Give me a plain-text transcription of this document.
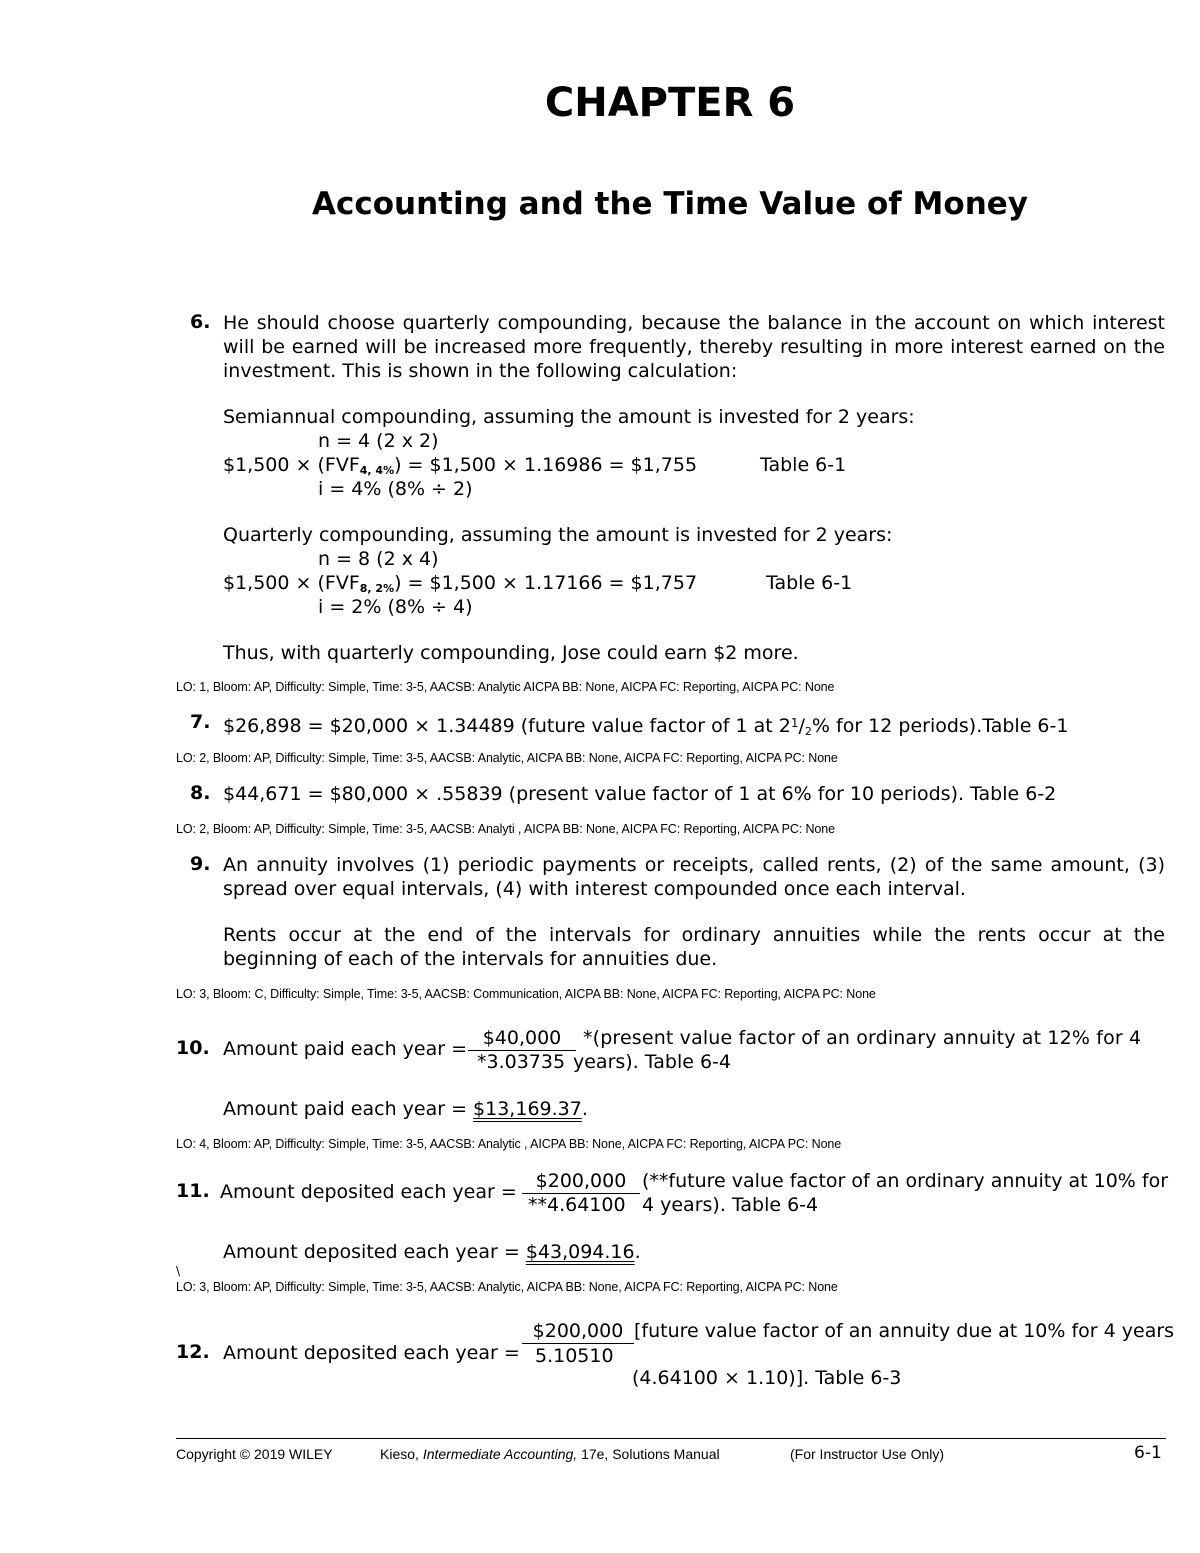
CHAPTER 6
Accounting and the Time Value of Money
6. He should choose quarterly compounding, because the balance in the account on which interest will be earned will be increased more frequently, thereby resulting in more interest earned on the investment. This is shown in the following calculation:
Semiannual compounding, assuming the amount is invested for 2 years:
n = 4 (2 x 2)
$1,500 × $(FVF_{4, 4\%})$ = $1,500 × 1.16986 = $1,755	Table 6-1
i = 4% (8% ÷ 2)
Quarterly compounding, assuming the amount is invested for 2 years:
n = 8 (2 x 4)
$1,500 × $(FVF_{8, 2\%})$ = $1,500 × 1.17166 = $1,757	Table 6-1
i = 2% (8% ÷ 4)
Thus, with quarterly compounding, Jose could earn $2 more.
LO: 1, Bloom: AP, Difficulty: Simple, Time: 3-5, AACSB: Analytic AICPA BB: None, AICPA FC: Reporting, AICPA PC: None
7. $26,898 = $20,000 × 1.34489 (future value factor of 1 at $2^1/_2\%$ for 12 periods).Table 6-1
LO: 2, Bloom: AP, Difficulty: Simple, Time: 3-5, AACSB: Analytic, AICPA BB: None, AICPA FC: Reporting, AICPA PC: None
8. $44,671 = $80,000 × .55839 (present value factor of 1 at 6% for 10 periods). Table 6-2
LO: 2, Bloom: AP, Difficulty: Simple, Time: 3-5, AACSB: Analyti , AICPA BB: None, AICPA FC: Reporting, AICPA PC: None
9. An annuity involves (1) periodic payments or receipts, called rents, (2) of the same amount, (3) spread over equal intervals, (4) with interest compounded once each interval.
Rents occur at the end of the intervals for ordinary annuities while the rents occur at the beginning of each of the intervals for annuities due.
LO: 3, Bloom: C, Difficulty: Simple, Time: 3-5, AACSB: Communication, AICPA BB: None, AICPA FC: Reporting, AICPA PC: None
10. Amount paid each year = $40,000
*3.03735
*(present value factor of an ordinary annuity at 12% for 4
years). Table 6-4
Amount paid each year = $13,169.37.
LO: 4, Bloom: AP, Difficulty: Simple, Time: 3-5, AACSB: Analytic , AICPA BB: None, AICPA FC: Reporting, AICPA PC: None
11. Amount deposited each year = $200,000
**4.64100
(**future value factor of an ordinary annuity at 10% for
4 years). Table 6-4
Amount deposited each year = $43,094.16.
\
LO: 3, Bloom: AP, Difficulty: Simple, Time: 3-5, AACSB: Analytic, AICPA BB: None, AICPA FC: Reporting, AICPA PC: None
12. Amount deposited each year =
$200,000
5.10510
[future value factor of an annuity due at 10% for 4 years
(4.64100 × 1.10)]. Table 6-3
Copyright © 2019 WILEY	Kieso, Intermediate Accounting, 17e, Solutions Manual	(For Instructor Use Only)	6-1
